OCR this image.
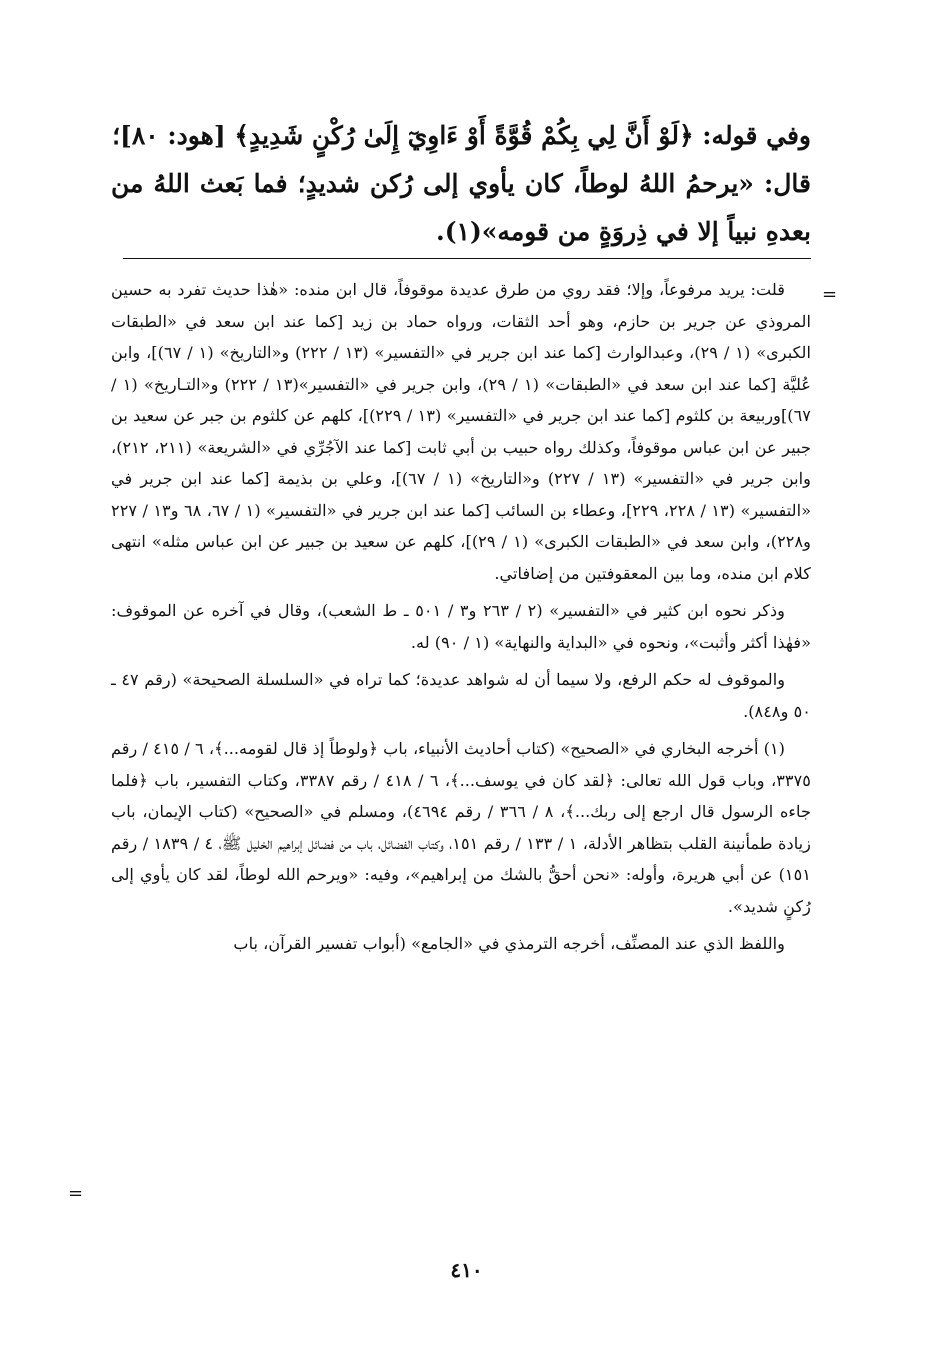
وفي قوله: ﴿لَوْ أَنَّ لِي بِكُمْ قُوَّةً أَوْ ءَاوِيٓ إِلَىٰ رُكْنٍ شَدِيدٍ﴾ [هود: ٨٠]؛

قال: «يرحمُ اللهُ لوطاً، كان يأوي إلى رُكن شديدٍ؛ فما بَعث اللهُ من بعدهِ نبياً إلا في ذِروَةٍ من قومه»(١).

=

قلت: يريد مرفوعاً، وإلا؛ فقد روي من طرق عديدة موقوفاً، قال ابن منده: «هٰذا حديث تفرد به حسين المروذي عن جرير بن حازم، وهو أحد الثقات، ورواه حماد بن زيد [كما عند ابن سعد في «الطبقات الكبرى» (١ / ٢٩)، وعبدالوارث [كما عند ابن جرير في «التفسير» (١٣ / ٢٢٢) و«التاريخ» (١ / ٦٧)]، وابن عُليَّة [كما عند ابن سعد في «الطبقات» (١ / ٢٩)، وابن جرير في «التفسير»(١٣ / ٢٢٢) و«التـاريخ» (١ / ٦٧)]وربيعة بن كلثوم [كما عند ابن جرير في «التفسير» (١٣ / ٢٢٩)]، كلهم عن كلثوم بن جبر عن سعيد بن جبير عن ابن عباس موقوفاً، وكذلك رواه حبيب بن أبي ثابت [كما عند الآجُرِّي في «الشريعة» (٢١١، ٢١٢)، وابن جرير في «التفسير» (١٣ / ٢٢٧) و«التاريخ» (١ / ٦٧)]، وعلي بن بذيمة [كما عند ابن جرير في «التفسير» (١٣ / ٢٢٨، ٢٢٩]، وعطاء بن السائب [كما عند ابن جرير في «التفسير» (١ / ٦٧، ٦٨ و١٣ / ٢٢٧ و٢٢٨)، وابن سعد في «الطبقات الكبرى» (١ / ٢٩)]، كلهم عن سعيد بن جبير عن ابن عباس مثله» انتهى كلام ابن منده، وما بين المعقوفتين من إضافاتي.

وذكر نحوه ابن كثير في «التفسير» (٢ / ٢٦٣ و٣ / ٥٠١ ـ ط الشعب)، وقال في آخره عن الموقوف: «فهٰذا أكثر وأثبت»، ونحوه في «البداية والنهاية» (١ / ٩٠) له.

والموقوف له حكم الرفع، ولا سيما أن له شواهد عديدة؛ كما تراه في «السلسلة الصحيحة» (رقم ٤٧ ـ ٥٠ و٨٤٨).

(١) أخرجه البخاري في «الصحيح» (كتاب أحاديث الأنبياء، باب ﴿ولوطاً إذ قال لقومه...﴾، ٦ / ٤١٥ / رقم ٣٣٧٥، وباب قول الله تعالى: ﴿لقد كان في يوسف...﴾، ٦ / ٤١٨ / رقم ٣٣٨٧، وكتاب التفسير، باب ﴿فلما جاءه الرسول قال ارجع إلى ربك...﴾، ٨ / ٣٦٦ / رقم ٤٦٩٤)، ومسلم في «الصحيح» (كتاب الإيمان، باب زيادة طمأنينة القلب بتظاهر الأدلة، ١ / ١٣٣ / رقم ١٥١، وكتاب الفضائل، باب من فضائل إبراهيم الخليل ﷺ، ٤ / ١٨٣٩ / رقم ١٥١) عن أبي هريرة، وأوله: «نحن أحقُّ بالشك من إبراهيم»، وفيه: «ويرحم الله لوطاً، لقد كان يأوي إلى رُكنٍ شديد».

واللفظ الذي عند المصنِّف، أخرجه الترمذي في «الجامع» (أبواب تفسير القرآن، باب

=
٤١٠
